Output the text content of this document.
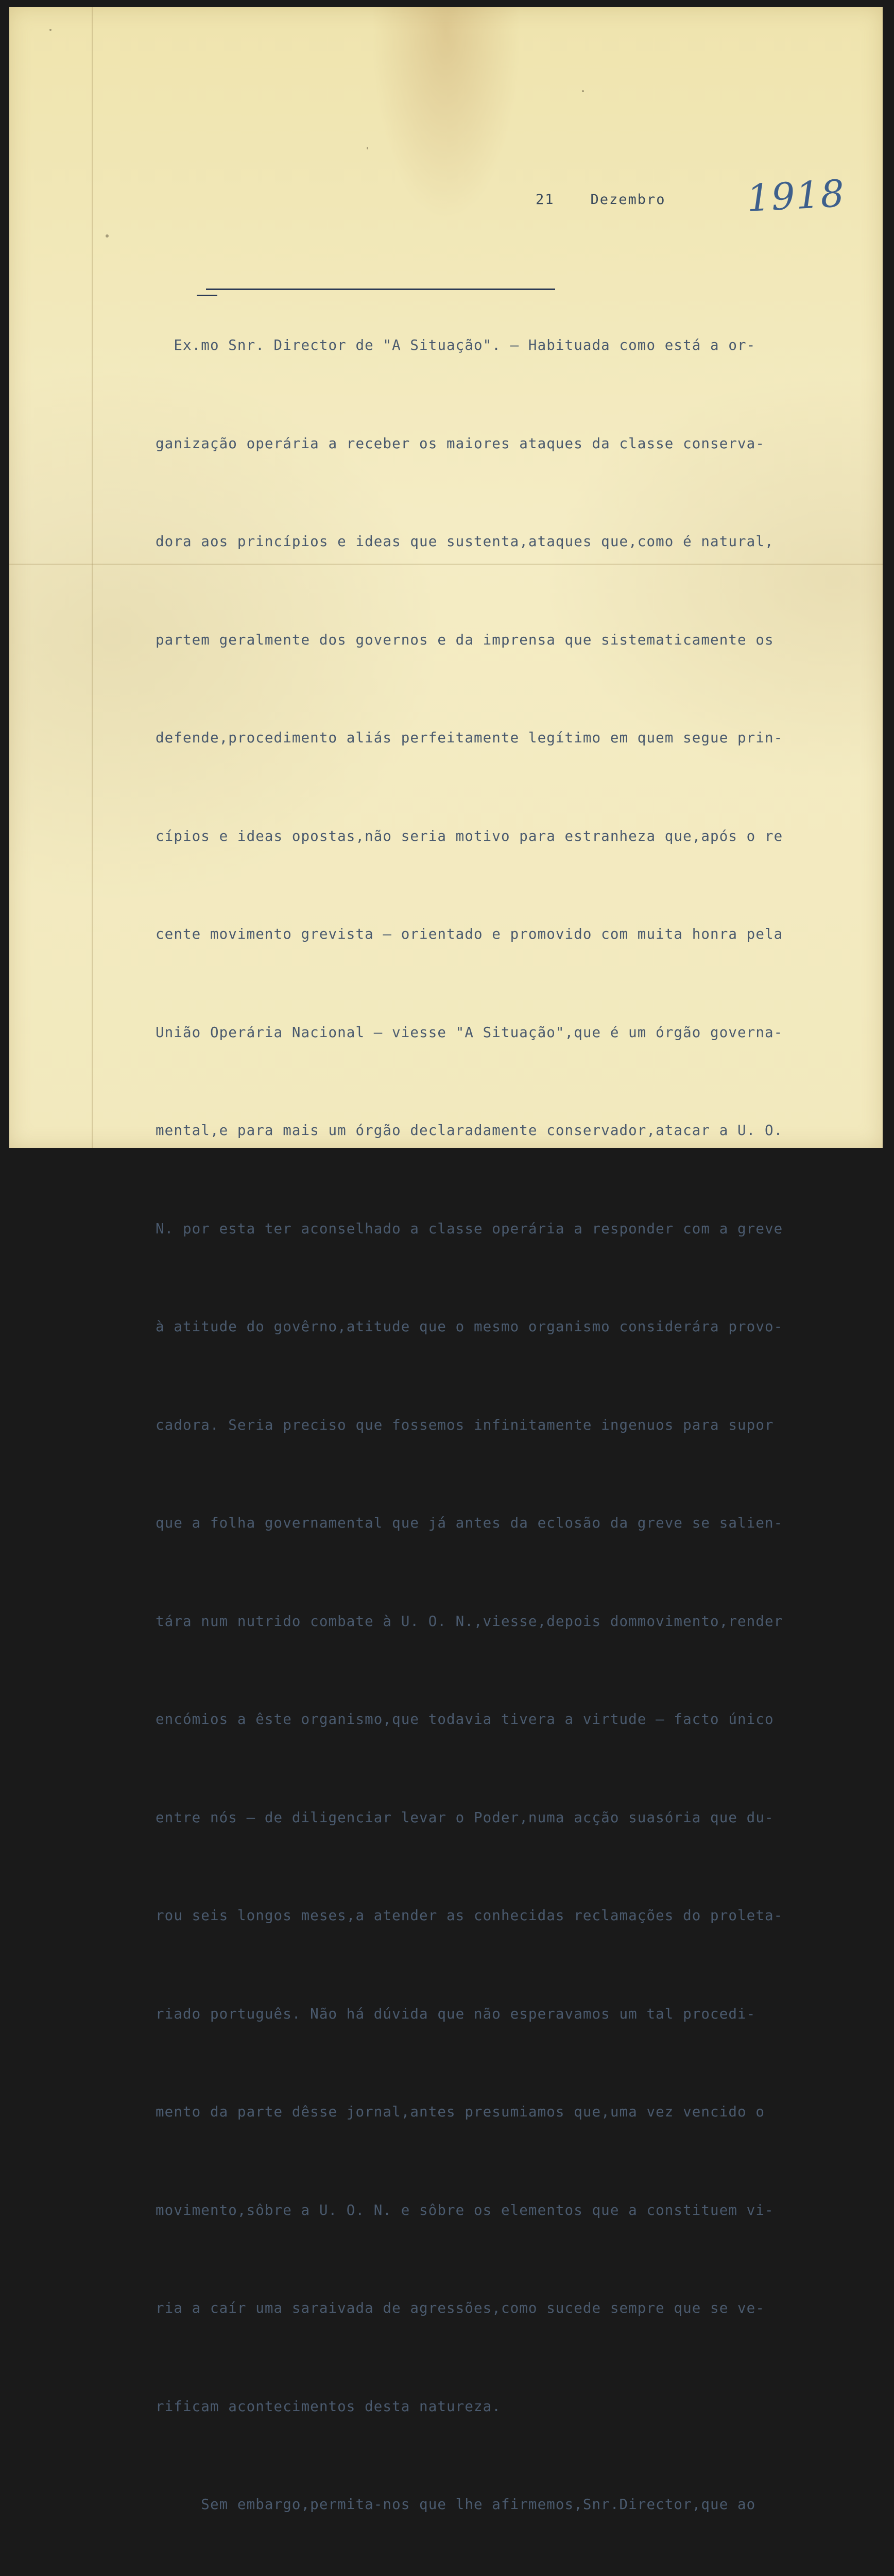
21	Dezembro 1918

Ex.mo Snr. Director de "A Situação". — Habituada como está a or-

ganização operária a receber os maiores ataques da classe conserva-

dora aos princípios e ideas que sustenta,ataques que,como é natural,

partem geralmente dos governos e da imprensa que sistematicamente os

defende,procedimento aliás perfeitamente legítimo em quem segue prin-

cípios e ideas opostas,não seria motivo para estranheza que,após o re

cente movimento grevista — orientado e promovido com muita honra pela

União Operária Nacional — viesse "A Situação",que é um órgão governa-

mental,e para mais um órgão declaradamente conservador,atacar a U. O.

N. por esta ter aconselhado a classe operária a responder com a greve

à atitude do govêrno,atitude que o mesmo organismo considerára provo-

cadora. Seria preciso que fossemos infinitamente ingenuos para supor

que a folha governamental que já antes da eclosão da greve se salien-

tára num nutrido combate à U. O. N.,viesse,depois dommovimento,render

encómios a êste organismo,que todavia tivera a virtude — facto único

entre nós — de diligenciar levar o Poder,numa acção suasória que du-

rou seis longos meses,a atender as conhecidas reclamações do proleta-

riado português. Não há dúvida que não esperavamos um tal procedi-

mento da parte dêsse jornal,antes presumiamos que,uma vez vencido o

movimento,sôbre a U. O. N. e sôbre os elementos que a constituem vi-

ria a caír uma saraivada de agressões,como sucede sempre que se ve-

rificam acontecimentos desta natureza.

Sem embargo,permita-nos que lhe afirmemos,Snr.Director,que ao
